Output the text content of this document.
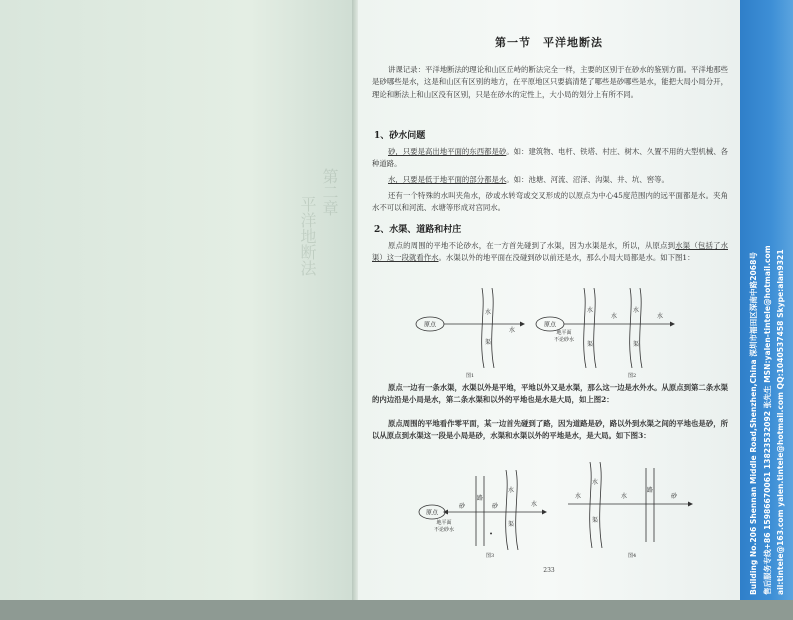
第二章
平洋地断法
第一节　平洋地断法
讲课记录：平洋地断法的理论和山区丘峙的断法完全一样，主要的区别于在砂水的鉴别方面。平洋地那些是砂哪些是水，这是和山区有区别的地方，在平原地区只要搞清楚了哪些是砂哪些是水，能把大局小局分开，理论和断法上和山区没有区别，只是在砂水的定性上，大小局的划分上有所不同。
1、砂水问题
砂，只要是高出地平面的东西都是砂。如：建筑物、电杆、铁塔、村庄、树木、久置不用的大型机械、各种道路。
水，只要是低于地平面的部分都是水。如：池塘、河流、沼泽、沟渠、井、坑、窖等。
还有一个特殊的水叫夹角水，砂或水转弯或交叉形成的以原点为中心45度范围内的远平面都是水。夹角水不可以和河流、水塘等形成对宫同水。
2、水渠、道路和村庄
原点的周围的平地不论砂水，在一方首先碰到了水渠，因为水渠是水，所以，从原点到水渠（包括了水渠）这一段就看作水。水渠以外的地平面在没碰到砂以前还是水，那么小局大局都是水。如下图1：
原点
水
渠
水
图1
原点
水
渠
水
水
渠
水
地平面
不论砂水
图2
原点一边有一条水渠，水渠以外是平地，平地以外又是水渠，那么这一边是水外水。从原点到第二条水渠的内边沿是小局是水，第二条水渠和以外的平地也是水是大局，如上图2：
原点周围的平地看作零平面，某一边首先碰到了路，因为道路是砂，路以外到水渠之间的平地也是砂，所以从原点到水渠这一段是小局是砂，水渠和水渠以外的平地是水，是大局。如下图3：
原点
砂
路
砂
水
渠
水
地平面
不论砂水
•
图3
水
水
渠
水
路
砂
图4
233	Building No.206 Shennan Middle Road,Shenzhen,China 深圳市福田区深南中路2068号 售后服务专线+86 15986670061 13823532092 张先生 MSN:yalen-tintele@hotmail.com ail:tintele@163.com yalen.tintele@hotmail.com QQ:1040537458 Skype:alan9321
